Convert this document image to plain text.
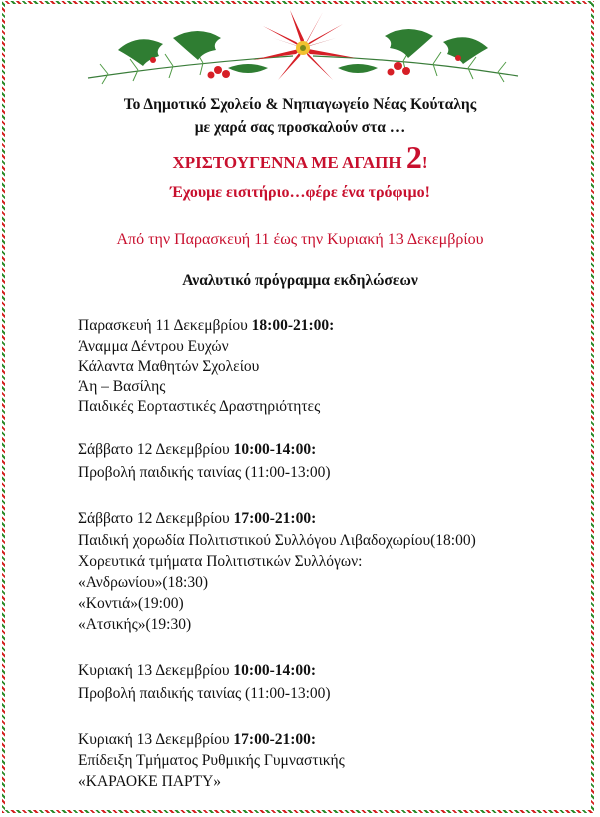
Το Δημοτικό Σχολείο & Νηπιαγωγείο Νέας Κούταλης
με χαρά σας προσκαλούν στα …
ΧΡΙΣΤΟΥΓΕΝΝΑ ΜΕ ΑΓΑΠΗ 2!
Έχουμε εισιτήριο…φέρε ένα τρόφιμο!
Από την Παρασκευή 11 έως την Κυριακή 13 Δεκεμβρίου
Αναλυτικό πρόγραμμα εκδηλώσεων
Παρασκευή 11 Δεκεμβρίου 18:00-21:00:
Άναμμα Δέντρου Ευχών
Κάλαντα Μαθητών Σχολείου
Άη – Βασίλης
Παιδικές Εορταστικές Δραστηριότητες
Σάββατο 12 Δεκεμβρίου 10:00-14:00:
Προβολή παιδικής ταινίας (11:00-13:00)
Σάββατο 12 Δεκεμβρίου 17:00-21:00:
Παιδική χορωδία Πολιτιστικού Συλλόγου Λιβαδοχωρίου(18:00)
Χορευτικά τμήματα Πολιτιστικών Συλλόγων:
«Ανδρωνίου»(18:30)
«Κοντιά»(19:00)
«Ατσικής»(19:30)
Κυριακή 13 Δεκεμβρίου 10:00-14:00:
Προβολή παιδικής ταινίας (11:00-13:00)
Κυριακή 13 Δεκεμβρίου 17:00-21:00:
Επίδειξη Τμήματος Ρυθμικής Γυμναστικής
«ΚΑΡΑΟΚΕ ΠΑΡΤΥ»
